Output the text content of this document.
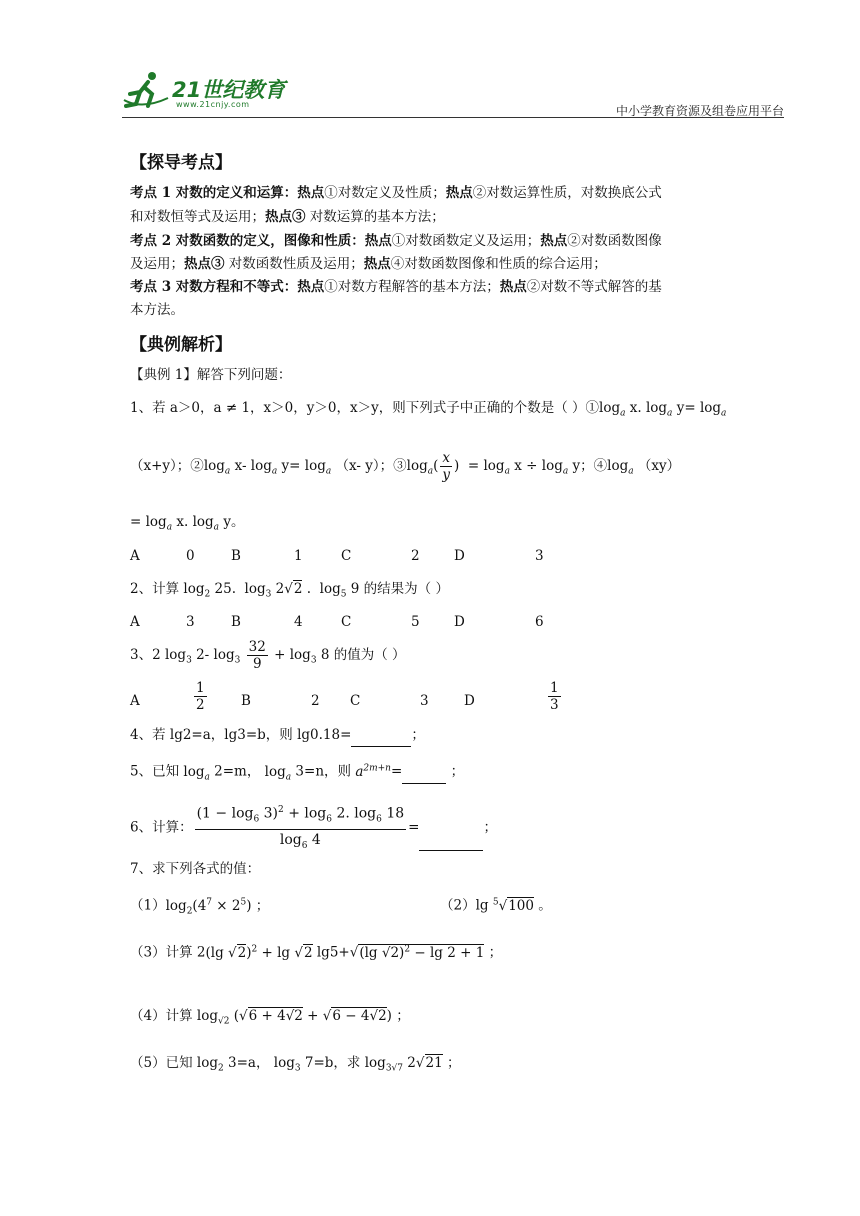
21世纪教育
www.21cnjy.com	中小学教育资源及组卷应用平台
【探导考点】
考点 1 对数的定义和运算：热点①对数定义及性质；热点②对数运算性质，对数换底公式
和对数恒等式及运用；热点③ 对数运算的基本方法；
考点 2 对数函数的定义，图像和性质：热点①对数函数定义及运用；热点②对数函数图像
及运用；热点③ 对数函数性质及运用；热点④对数函数图像和性质的综合运用；
考点 3 对数方程和不等式：热点①对数方程解答的基本方法；热点②对数不等式解答的基
本方法。
【典例解析】
【典例 1】解答下列问题：
1、若 a＞0，a ≠ 1，x＞0，y＞0，x＞y，则下列式子中正确的个数是（ ）$①\log_a$ x. $\log_a y= \log_a$
（x+y）；$②\log_a$ x- $\log_a y= \log_a (x-$ y）；$③\log_a( \frac{x}{y}$ )  = $\log_a x \div \log_a y$；$④\log_a$ （xy）
= $\log_a x$. $\log_a y$。
A	0	B	1	C	2	D	3
2、计算 $\log_2 25$.  $\log_3 2√2$ .  $\log_5 9$ 的结果为（ ）
A	3	B	4	C	5	D	6
3、2 $\log_3 2-$ $\log_3 \frac{32}{9} + \log_3 8$ 的值为（ ）
A	$\frac{1}{2}$	B	2 C	3	D	$\frac{1}{3}$
4、若 lg2=a，lg3=b，则 lg0.18=	；
5、已知 $\log_a 2=m$， $\log_a 3=n$，则 $a^{2m+n}=$	；
6、计算： $\frac{(1 - \log_6 3)^2 + \log_6 2. \log_6 18}{\log_6 4}$ =	；
7、求下列各式的值：
$(1)\log_2(4^7 \times 2^5)$ ；	（2）lg $^5$√100 。
（3）计算 2(lg √2)$^2$ + lg √2 lg5+√(lg √2)$^2$ − lg 2 + 1 ；
（4）计算 $\log_{√2} (√6 + 4√2 + √6 - 4√2)$ ；
（5）已知 $\log_2 3=a$， $\log_3 7=b$，求 $\log_{3√7} 2√21$ ；
